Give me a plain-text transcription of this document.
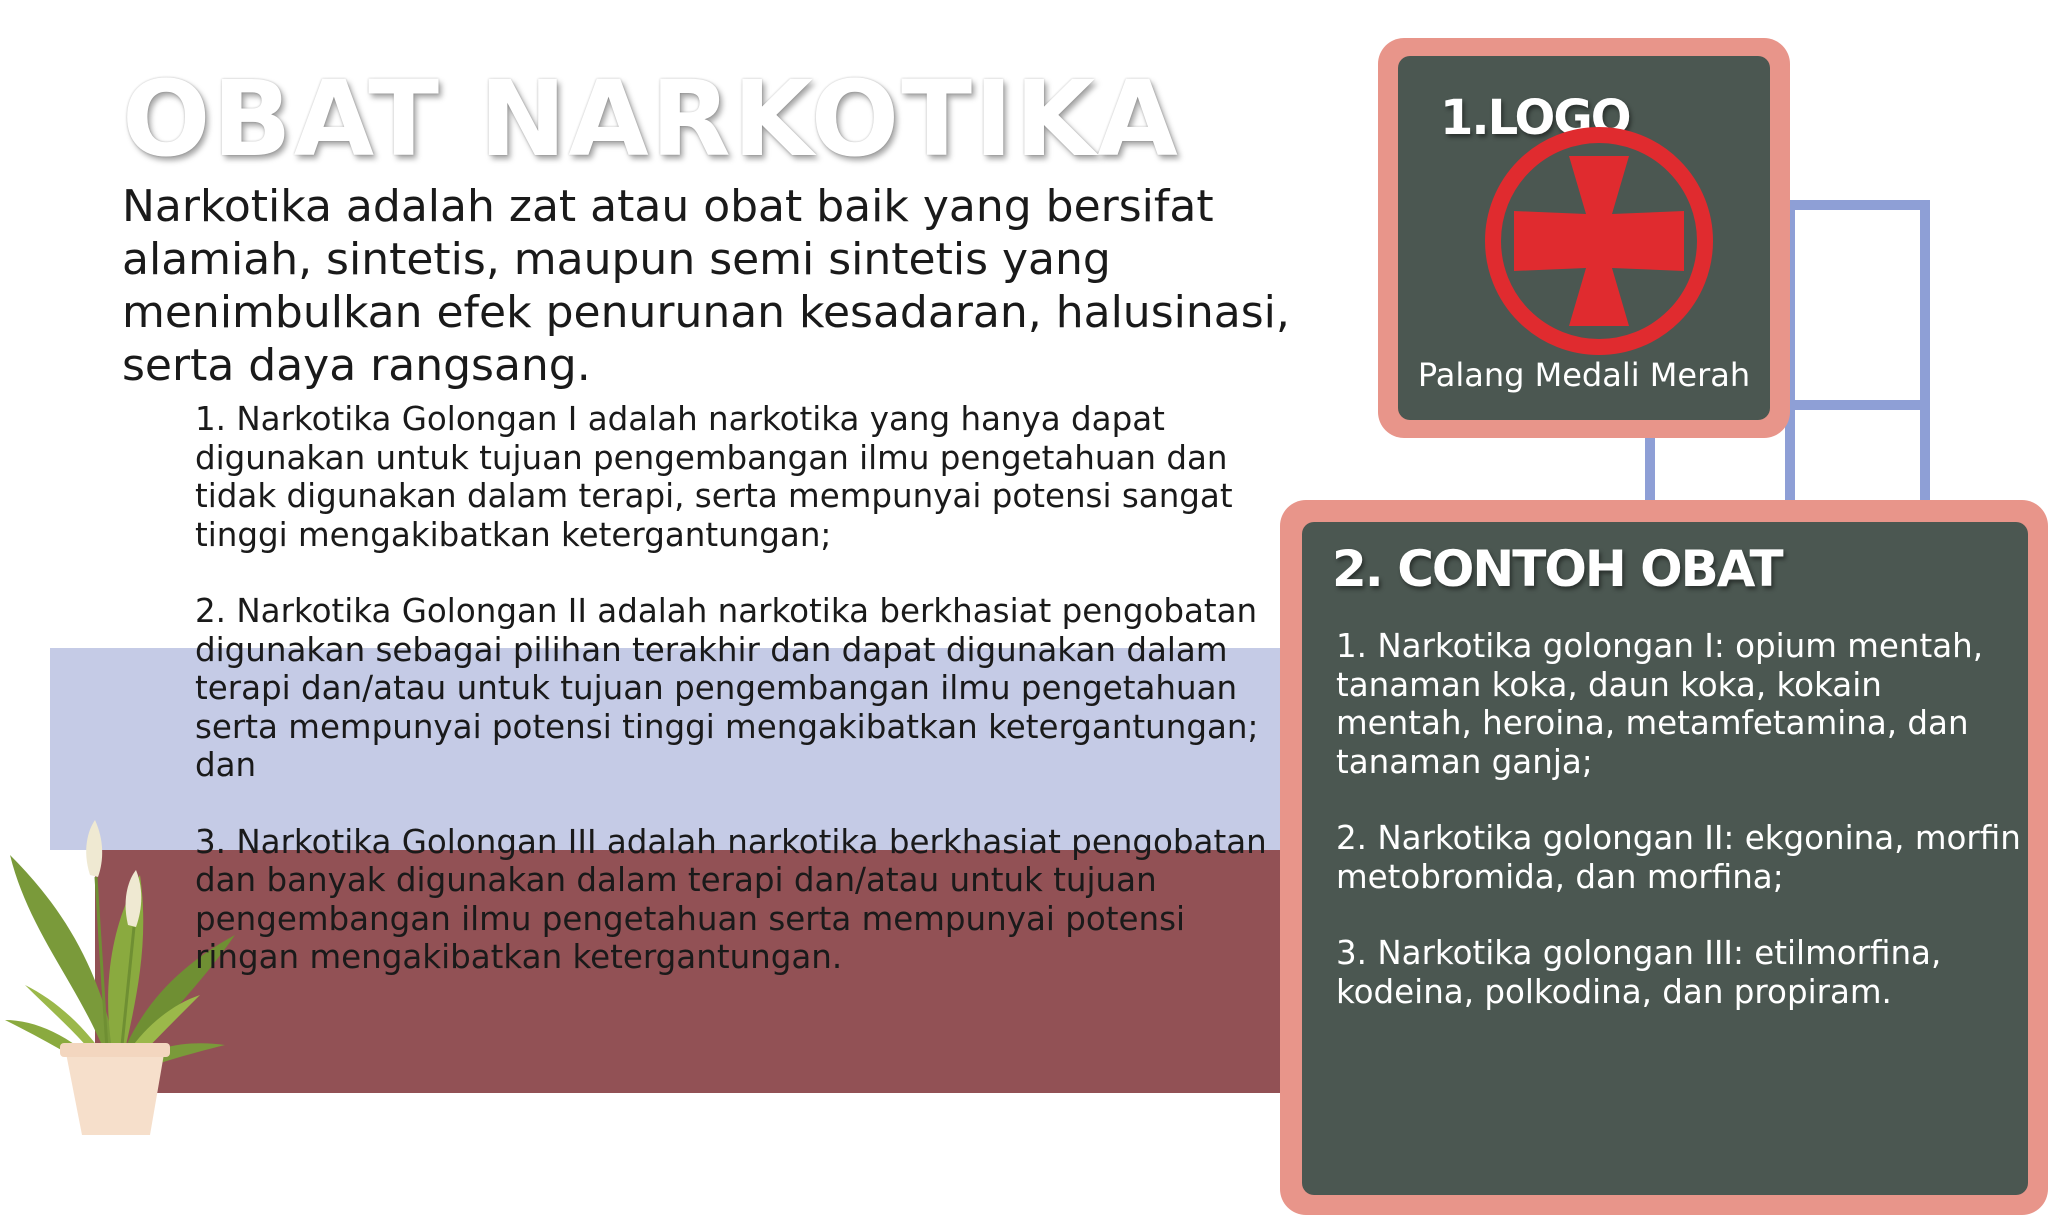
OBAT NARKOTIKA

Narkotika adalah zat atau obat baik yang bersifat alamiah, sintetis, maupun semi sintetis yang menimbulkan efek penurunan kesadaran, halusinasi, serta daya rangsang.

1. Narkotika Golongan I adalah narkotika yang hanya dapat digunakan untuk tujuan pengembangan ilmu pengetahuan dan tidak digunakan dalam terapi, serta mempunyai potensi sangat tinggi mengakibatkan ketergantungan;

2. Narkotika Golongan II adalah narkotika berkhasiat pengobatan digunakan sebagai pilihan terakhir dan dapat digunakan dalam terapi dan/atau untuk tujuan pengembangan ilmu pengetahuan serta mempunyai potensi tinggi mengakibatkan ketergantungan; dan

3. Narkotika Golongan III adalah narkotika berkhasiat pengobatan dan banyak digunakan dalam terapi dan/atau untuk tujuan pengembangan ilmu pengetahuan serta mempunyai potensi ringan mengakibatkan ketergantungan.

1.LOGO
Palang Medali Merah
2. CONTOH OBAT

1. Narkotika golongan I: opium mentah, tanaman koka, daun koka, kokain mentah, heroina, metamfetamina, dan tanaman ganja;

2. Narkotika golongan II: ekgonina, morfin metobromida, dan morfina;

3. Narkotika golongan III: etilmorfina, kodeina, polkodina, dan propiram.
